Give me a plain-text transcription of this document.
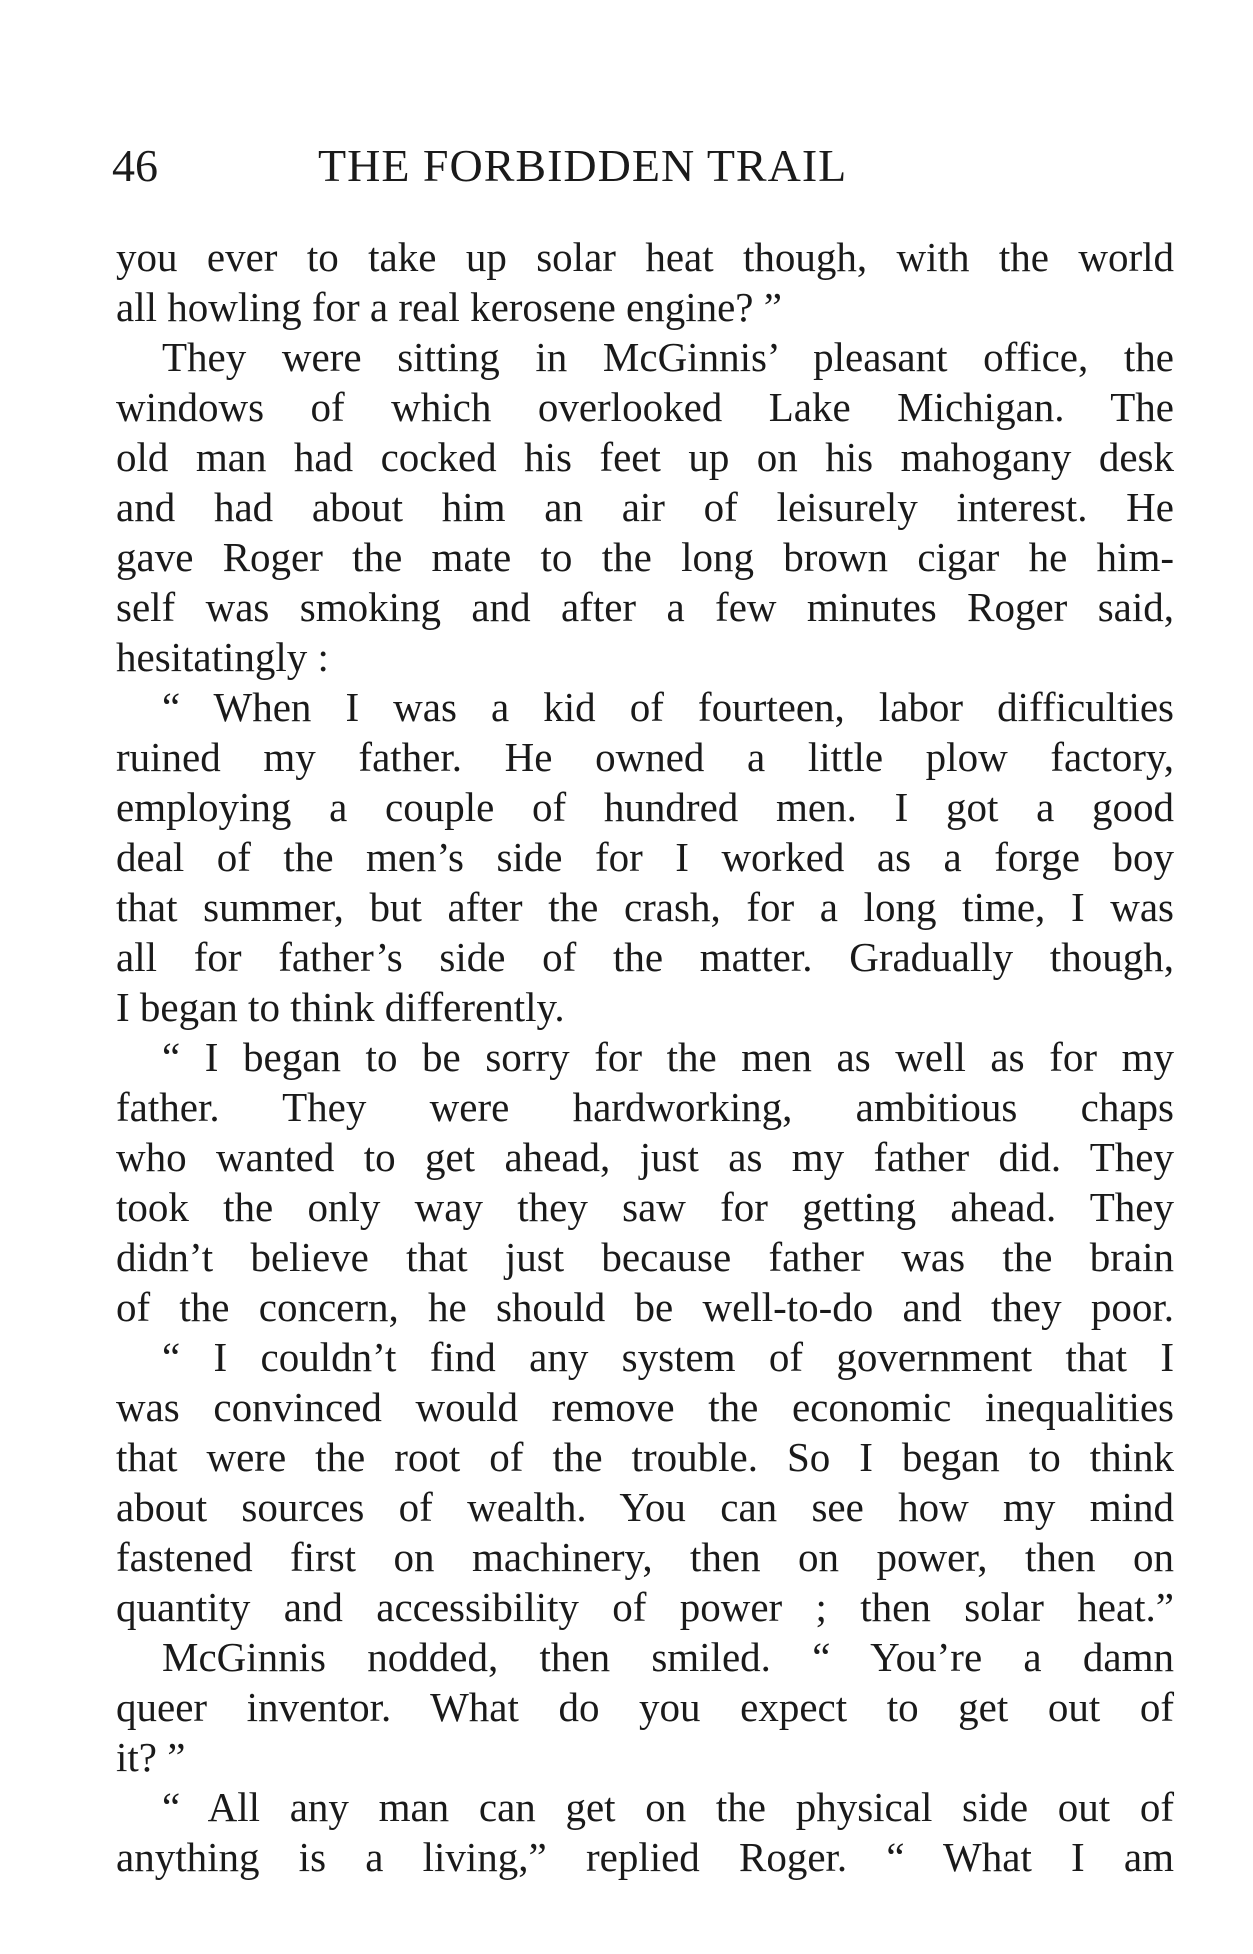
46	THE FORBIDDEN TRAIL
you ever to take up solar heat though, with the world
all howling for a real kerosene engine? ”
They were sitting in McGinnis’ pleasant office, the
windows of which overlooked Lake Michigan. The
old man had cocked his feet up on his mahogany desk
and had about him an air of leisurely interest. He
gave Roger the mate to the long brown cigar he him-
self was smoking and after a few minutes Roger said,
hesitatingly :
“ When I was a kid of fourteen, labor difficulties
ruined my father. He owned a little plow factory,
employing a couple of hundred men. I got a good
deal of the men’s side for I worked as a forge boy
that summer, but after the crash, for a long time, I was
all for father’s side of the matter. Gradually though,
I began to think differently.
“ I began to be sorry for the men as well as for my
father. They were hardworking, ambitious chaps
who wanted to get ahead, just as my father did. They
took the only way they saw for getting ahead. They
didn’t believe that just because father was the brain
of the concern, he should be well-to-do and they poor.
“ I couldn’t find any system of government that I
was convinced would remove the economic inequalities
that were the root of the trouble. So I began to think
about sources of wealth. You can see how my mind
fastened first on machinery, then on power, then on
quantity and accessibility of power ; then solar heat.”
McGinnis nodded, then smiled. “ You’re a damn
queer inventor. What do you expect to get out of
it? ”
“ All any man can get on the physical side out of
anything is a living,” replied Roger. “ What I am
